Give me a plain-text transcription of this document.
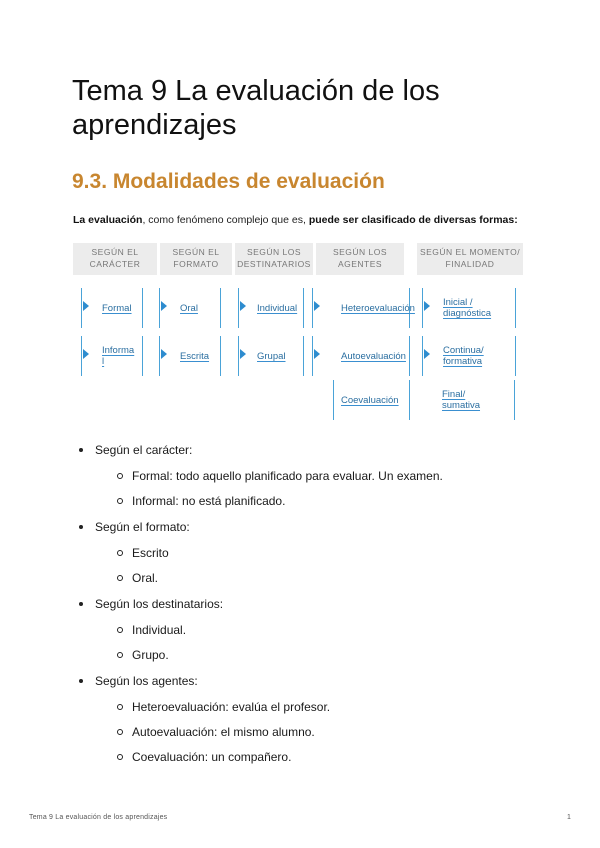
Tema 9 La evaluación de los aprendizajes
9.3. Modalidades de evaluación
La evaluación, como fenómeno complejo que es, puede ser clasificado de diversas formas:
SEGÚN EL CARÁCTER
SEGÚN EL FORMATO
SEGÚN LOS DESTINATARIOS
SEGÚN LOS AGENTES
SEGÚN EL MOMENTO/ FINALIDAD
Formal
Informa l
Oral
Escrita
Individual
Grupal
Heteroevaluación
Autoevaluación
Coevaluación
Inicial / diagnóstica
Continua/ formativa
Final/ sumativa
Según el carácter:
Formal: todo aquello planificado para evaluar. Un examen.
Informal: no está planificado.
Según el formato:
Escrito
Oral.
Según los destinatarios:
Individual.
Grupo.
Según los agentes:
Heteroevaluación: evalúa el profesor.
Autoevaluación: el mismo alumno.
Coevaluación: un compañero.
Tema 9 La evaluación de los aprendizajes	1
